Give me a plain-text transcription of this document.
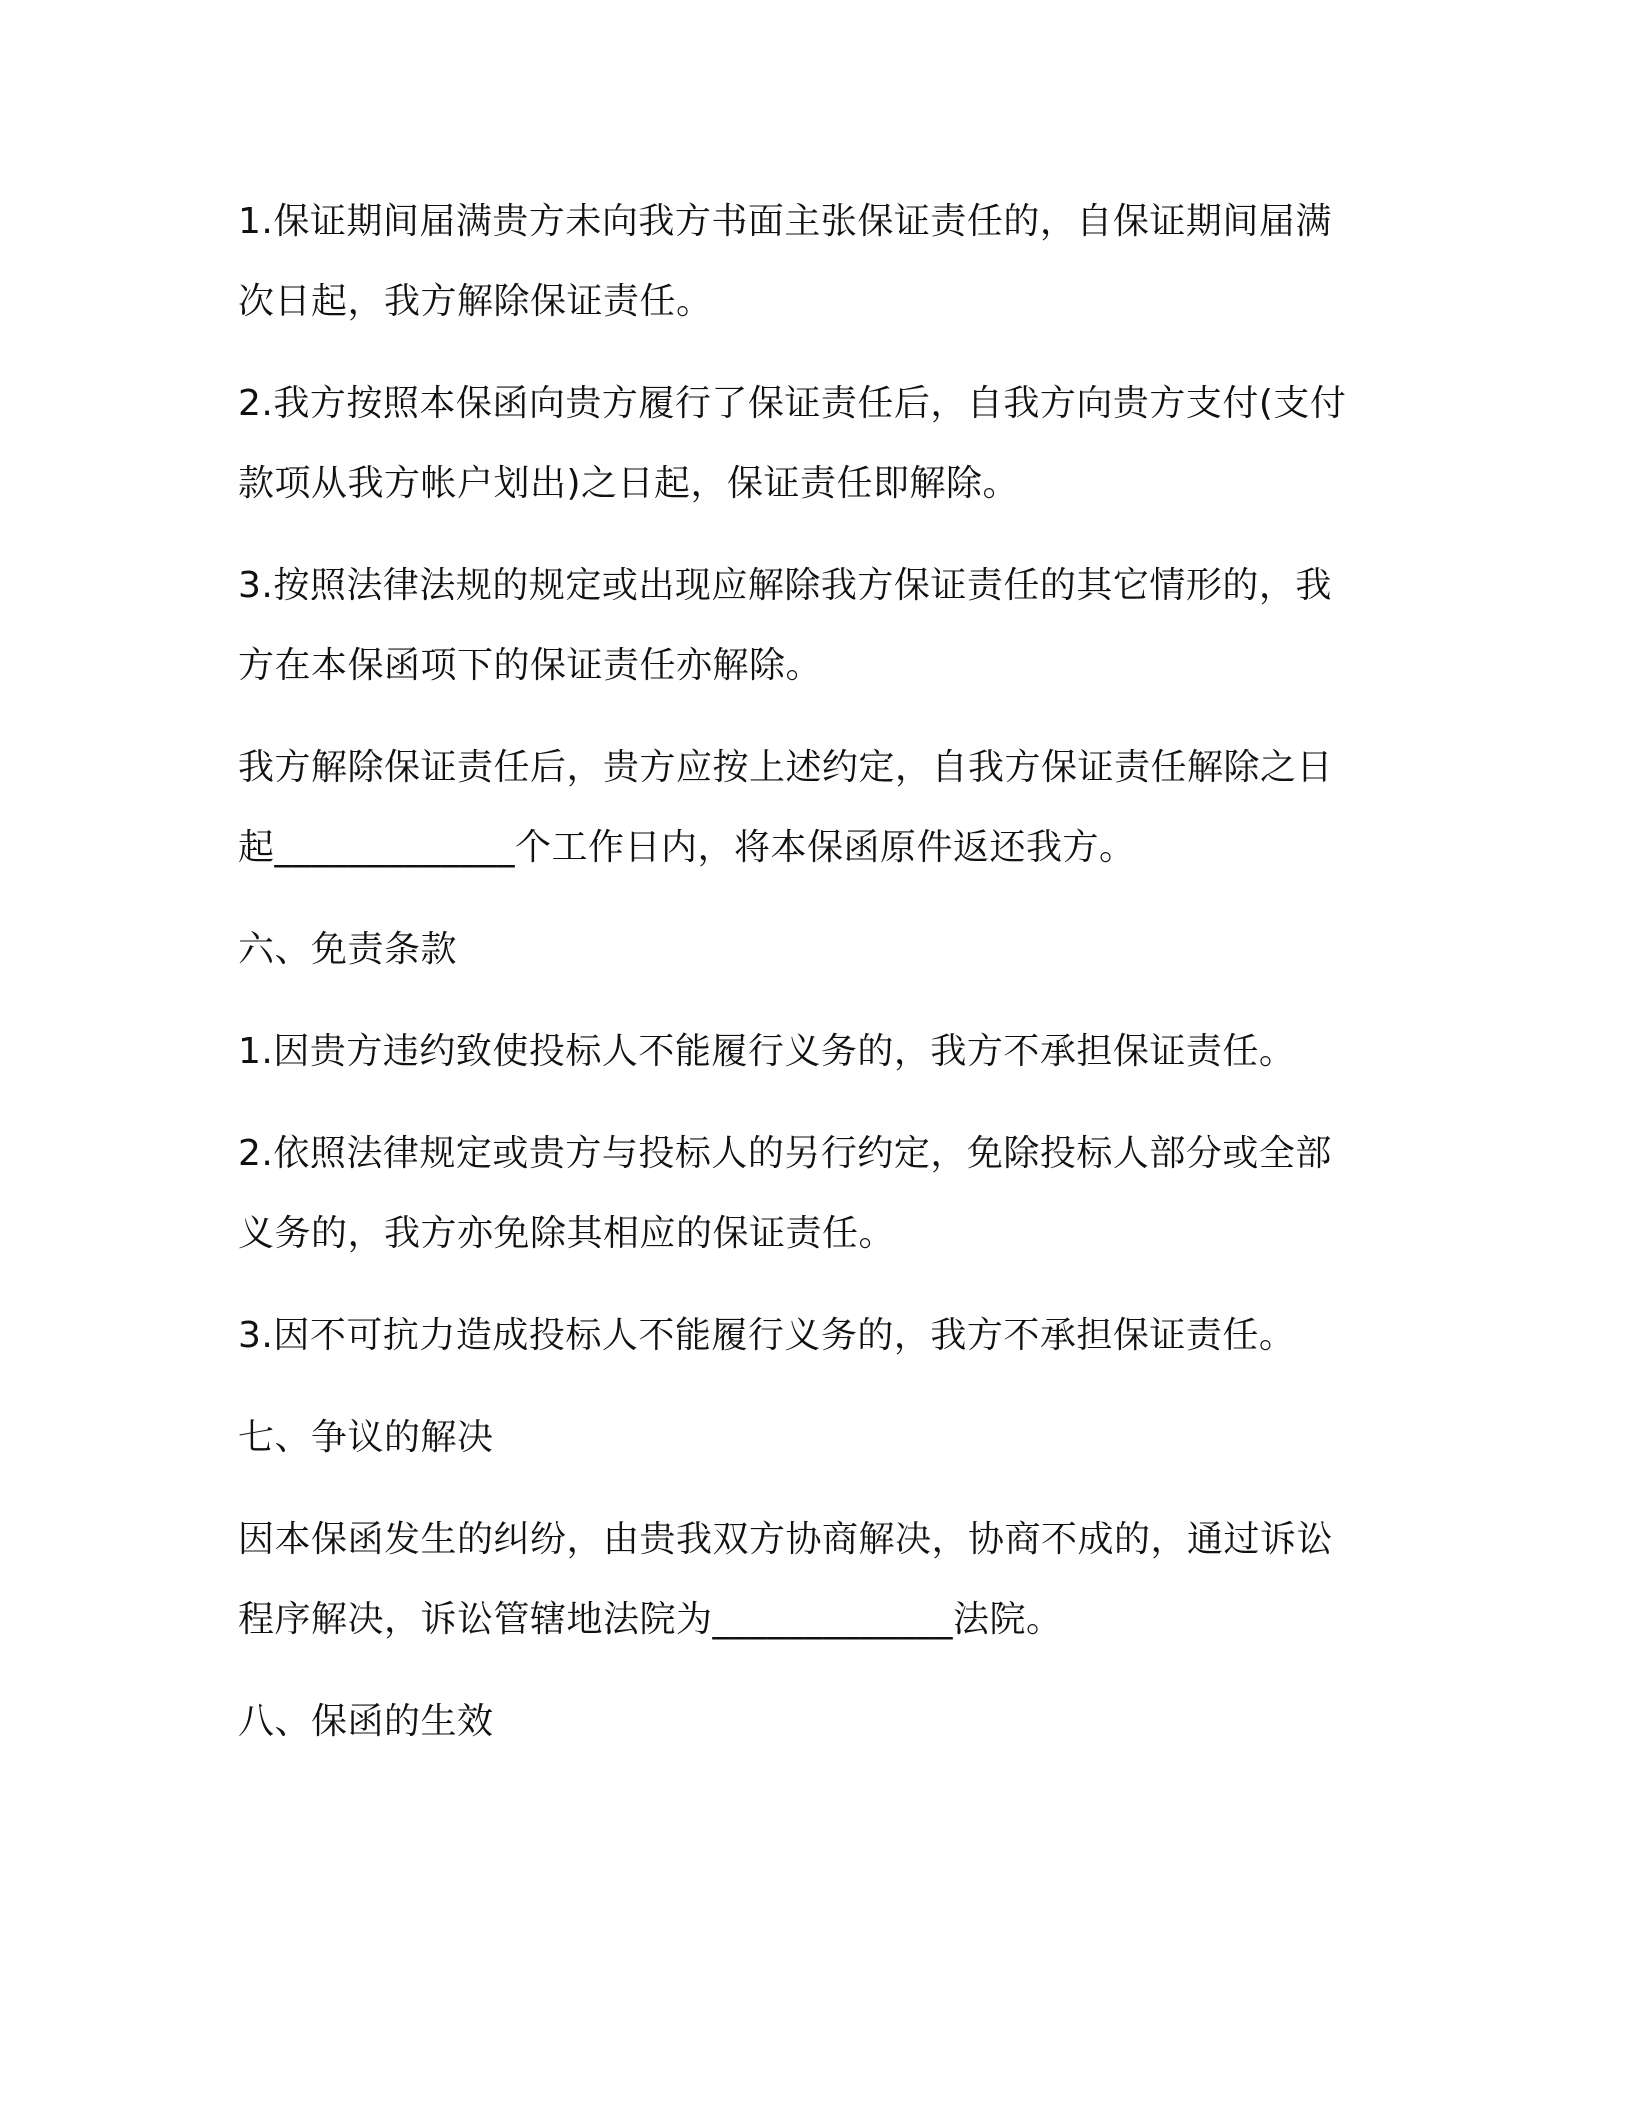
1.保证期间届满贵方未向我方书面主张保证责任的，自保证期间届满
次日起，我方解除保证责任。

2.我方按照本保函向贵方履行了保证责任后，自我方向贵方支付(支付
款项从我方帐户划出)之日起，保证责任即解除。

3.按照法律法规的规定或出现应解除我方保证责任的其它情形的，我
方在本保函项下的保证责任亦解除。

我方解除保证责任后，贵方应按上述约定，自我方保证责任解除之日
起_____________个工作日内，将本保函原件返还我方。

六、免责条款

1.因贵方违约致使投标人不能履行义务的，我方不承担保证责任。

2.依照法律规定或贵方与投标人的另行约定，免除投标人部分或全部
义务的，我方亦免除其相应的保证责任。

3.因不可抗力造成投标人不能履行义务的，我方不承担保证责任。

七、争议的解决

因本保函发生的纠纷，由贵我双方协商解决，协商不成的，通过诉讼
程序解决，诉讼管辖地法院为_____________法院。

八、保函的生效
